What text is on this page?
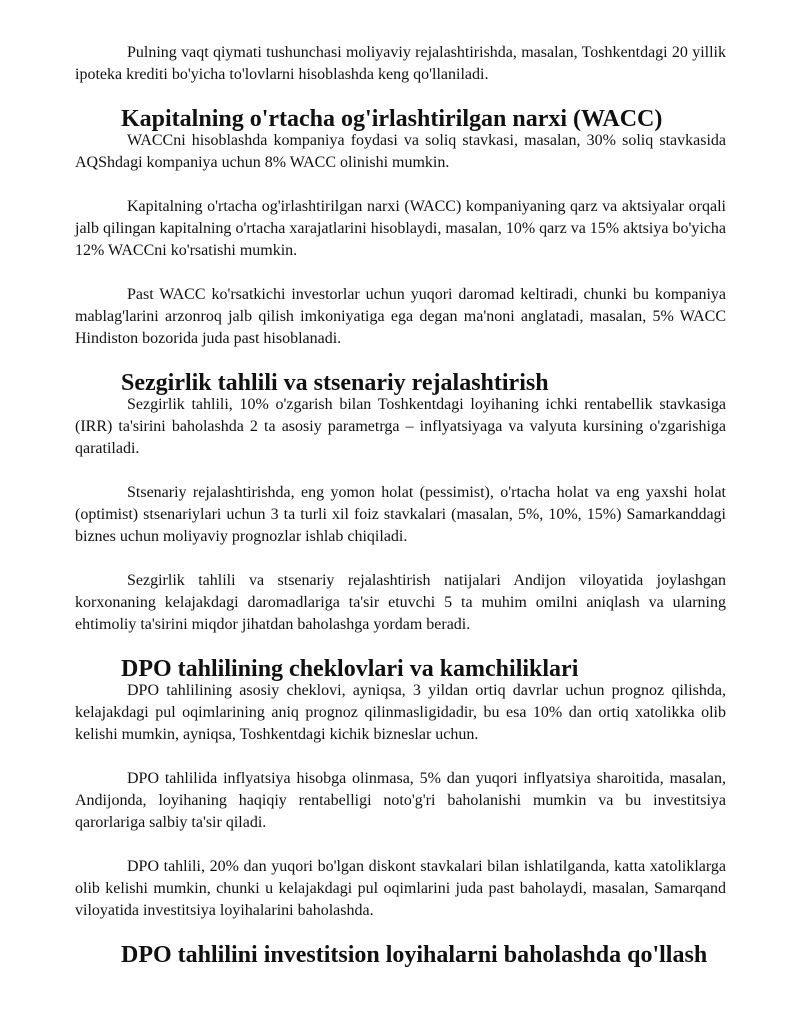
Pulning vaqt qiymati tushunchasi moliyaviy rejalashtirishda, masalan, Toshkentdagi 20 yillik ipoteka krediti bo'yicha to'lovlarni hisoblashda keng qo'llaniladi.

Kapitalning o'rtacha og'irlashtirilgan narxi (WACC)

WACCni hisoblashda kompaniya foydasi va soliq stavkasi, masalan, 30% soliq stavkasida AQShdagi kompaniya uchun 8% WACC olinishi mumkin.

Kapitalning o'rtacha og'irlashtirilgan narxi (WACC) kompaniyaning qarz va aktsiyalar orqali jalb qilingan kapitalning o'rtacha xarajatlarini hisoblaydi, masalan, 10% qarz va 15% aktsiya bo'yicha 12% WACCni ko'rsatishi mumkin.

Past WACC ko'rsatkichi investorlar uchun yuqori daromad keltiradi, chunki bu kompaniya mablag'larini arzonroq jalb qilish imkoniyatiga ega degan ma'noni anglatadi, masalan, 5% WACC Hindiston bozorida juda past hisoblanadi.

Sezgirlik tahlili va stsenariy rejalashtirish

Sezgirlik tahlili, 10% o'zgarish bilan Toshkentdagi loyihaning ichki rentabellik stavkasiga (IRR) ta'sirini baholashda 2 ta asosiy parametrga – inflyatsiyaga va valyuta kursining o'zgarishiga qaratiladi.

Stsenariy rejalashtirishda, eng yomon holat (pessimist), o'rtacha holat va eng yaxshi holat (optimist) stsenariylari uchun 3 ta turli xil foiz stavkalari (masalan, 5%, 10%, 15%) Samarkanddagi biznes uchun moliyaviy prognozlar ishlab chiqiladi.

Sezgirlik tahlili va stsenariy rejalashtirish natijalari Andijon viloyatida joylashgan korxonaning kelajakdagi daromadlariga ta'sir etuvchi 5 ta muhim omilni aniqlash va ularning ehtimoliy ta'sirini miqdor jihatdan baholashga yordam beradi.

DPO tahlilining cheklovlari va kamchiliklari

DPO tahlilining asosiy cheklovi, ayniqsa, 3 yildan ortiq davrlar uchun prognoz qilishda, kelajakdagi pul oqimlarining aniq prognoz qilinmasligidadir, bu esa 10% dan ortiq xatolikka olib kelishi mumkin, ayniqsa, Toshkentdagi kichik bizneslar uchun.

DPO tahlilida inflyatsiya hisobga olinmasa, 5% dan yuqori inflyatsiya sharoitida, masalan, Andijonda, loyihaning haqiqiy rentabelligi noto'g'ri baholanishi mumkin va bu investitsiya qarorlariga salbiy ta'sir qiladi.

DPO tahlili, 20% dan yuqori bo'lgan diskont stavkalari bilan ishlatilganda, katta xatoliklarga olib kelishi mumkin, chunki u kelajakdagi pul oqimlarini juda past baholaydi, masalan, Samarqand viloyatida investitsiya loyihalarini baholashda.

DPO tahlilini investitsion loyihalarni baholashda qo'llash
